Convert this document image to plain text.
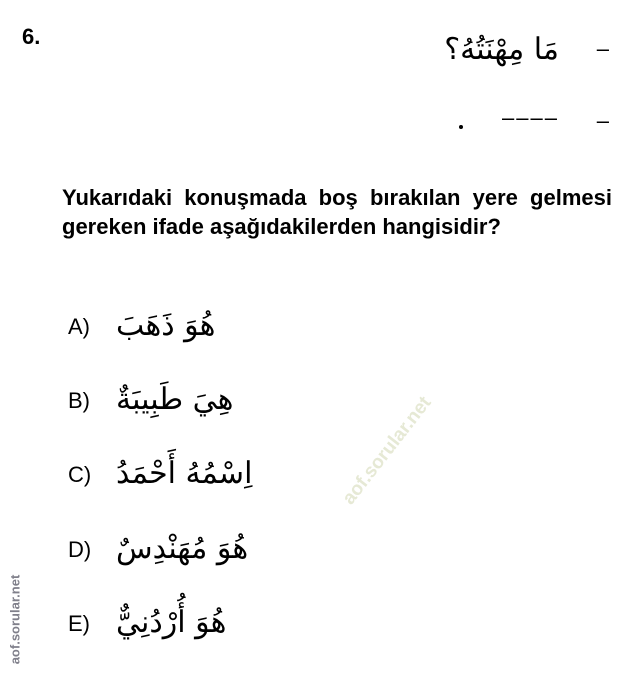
6.	–
مَا مِهْنَتُهُ؟
–
––––
Yukarıdaki konuşmada boş bırakılan yere gelmesi gereken ifade aşağıdakilerden hangisidir?
A) هُوَ ذَهَبَ
B) هِيَ طَبِيبَةٌ
C) اِسْمُهُ أَحْمَدُ
D) هُوَ مُهَنْدِسٌ
E) هُوَ أُرْدُنِيٌّ
aof.sorular.net
aof.sorular.net
